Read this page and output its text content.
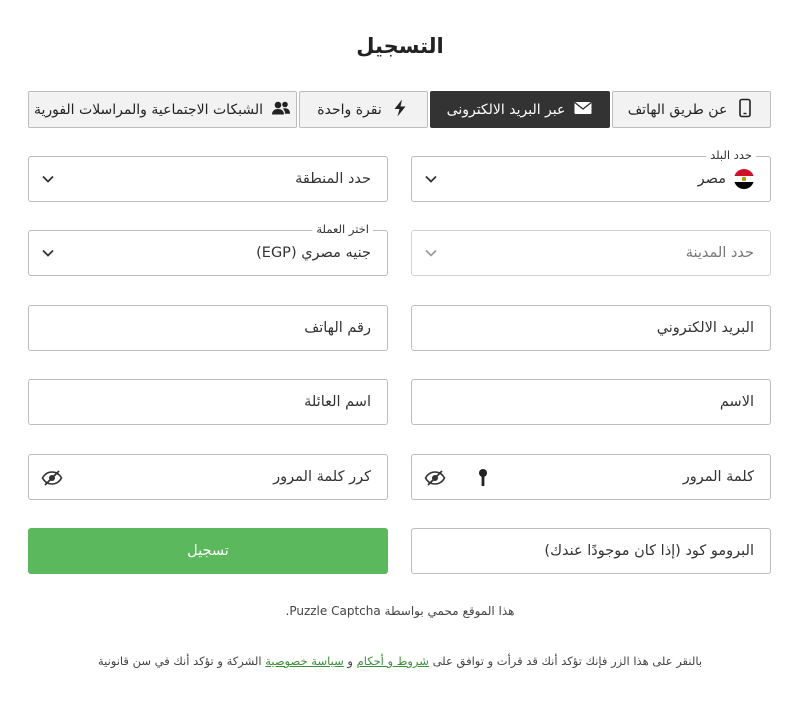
التسجيل
عن طريق الهاتف
عبر البريد الالكترونى
نقرة واحدة
الشبكات الاجتماعية والمراسلات الفورية
حدد البلد
مصر
حدد المنطقة
حدد المدينة
اختر العملة
جنيه مصري (EGP)
البريد الالكتروني
رقم الهاتف
الاسم
اسم العائلة
كلمة المرور
كرر كلمة المرور
البرومو كود (إذا كان موجودًا عندك)
تسجيل
هذا الموقع محمي بواسطة Puzzle Captcha.
بالنقر على هذا الزر فإنك تؤكد أنك قد قرأت و توافق على شروط و أحكام و سياسة خصوصية الشركة و تؤكد أنك في سن قانونية
